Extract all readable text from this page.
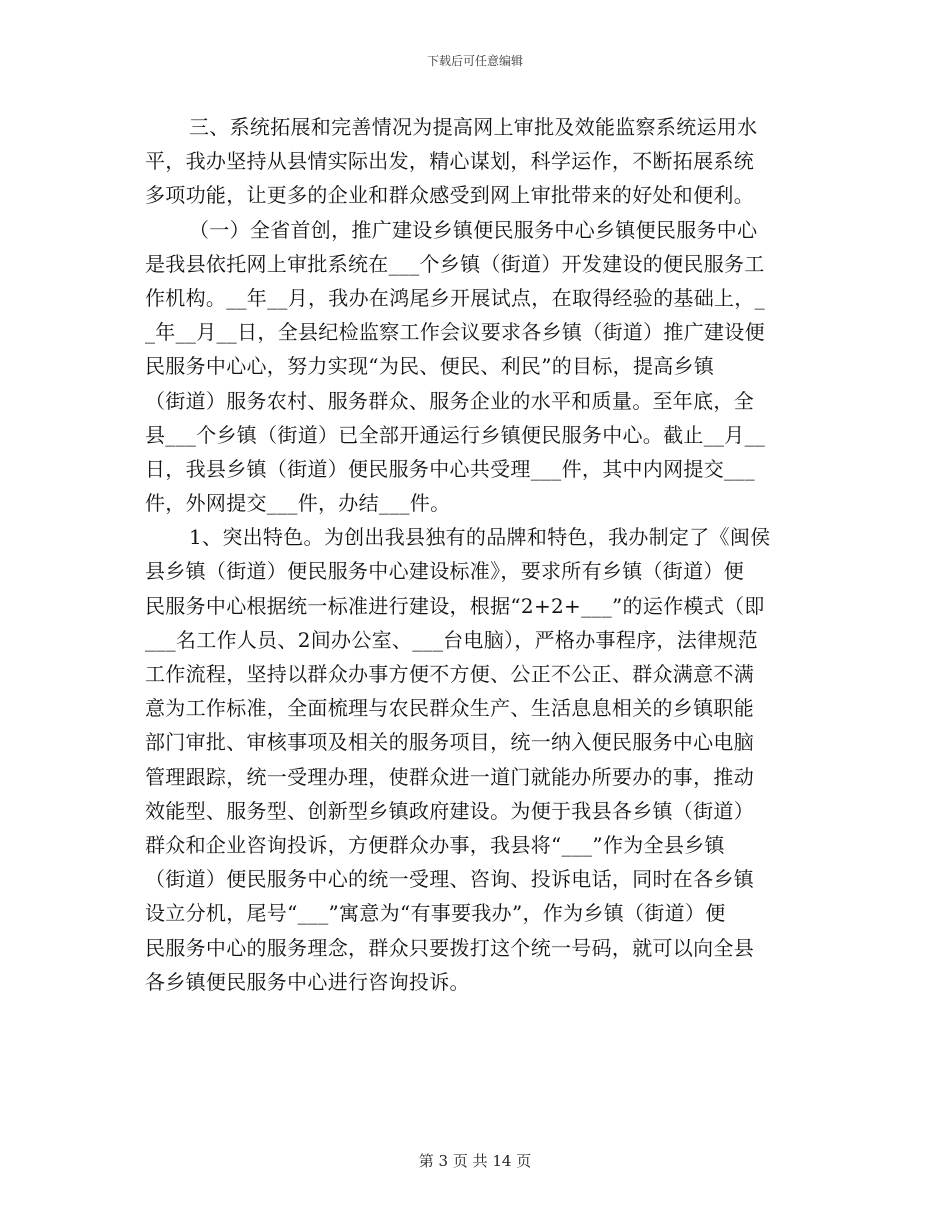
下载后可任意编辑
三、系统拓展和完善情况为提高网上审批及效能监察系统运用水
平，我办坚持从县情实际出发，精心谋划，科学运作，不断拓展系统
多项功能，让更多的企业和群众感受到网上审批带来的好处和便利。
（一）全省首创，推广建设乡镇便民服务中心乡镇便民服务中心
是我县依托网上审批系统在___个乡镇（街道）开发建设的便民服务工
作机构。__年__月，我办在鸿尾乡开展试点，在取得经验的基础上，_
_年__月__日，全县纪检监察工作会议要求各乡镇（街道）推广建设便
民服务中心心，努力实现“为民、便民、利民”的目标，提高乡镇
（街道）服务农村、服务群众、服务企业的水平和质量。至年底，全
县___个乡镇（街道）已全部开通运行乡镇便民服务中心。截止__月__
日，我县乡镇（街道）便民服务中心共受理___件，其中内网提交___
件，外网提交___件，办结___件。
1、突出特色。为创出我县独有的品牌和特色，我办制定了《闽侯
县乡镇（街道）便民服务中心建设标准》，要求所有乡镇（街道）便
民服务中心根据统一标准进行建设，根据“2+2+___”的运作模式（即
___名工作人员、2间办公室、___台电脑），严格办事程序，法律规范
工作流程，坚持以群众办事方便不方便、公正不公正、群众满意不满
意为工作标准，全面梳理与农民群众生产、生活息息相关的乡镇职能
部门审批、审核事项及相关的服务项目，统一纳入便民服务中心电脑
管理跟踪，统一受理办理，使群众进一道门就能办所要办的事，推动
效能型、服务型、创新型乡镇政府建设。为便于我县各乡镇（街道）
群众和企业咨询投诉，方便群众办事，我县将“___”作为全县乡镇
（街道）便民服务中心的统一受理、咨询、投诉电话，同时在各乡镇
设立分机，尾号“___”寓意为“有事要我办”，作为乡镇（街道）便
民服务中心的服务理念，群众只要拨打这个统一号码，就可以向全县
各乡镇便民服务中心进行咨询投诉。
第 3 页 共 14 页
